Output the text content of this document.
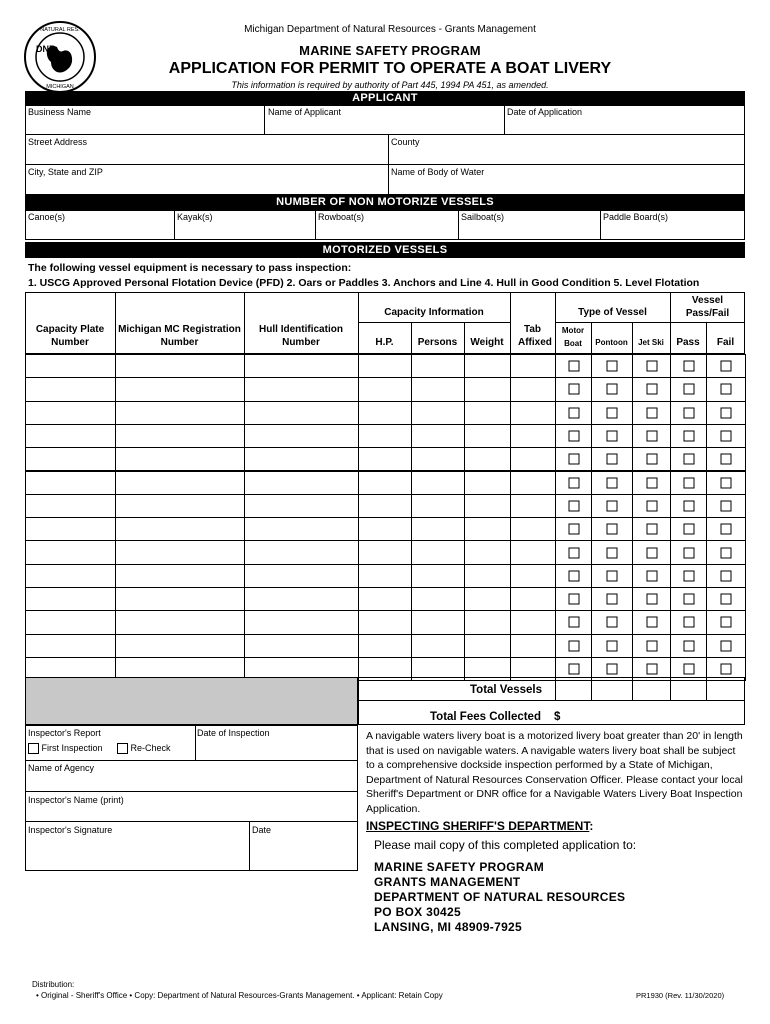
DNR
NATURAL RES.
MICHIGAN
Michigan Department of Natural Resources - Grants Management
MARINE SAFETY PROGRAM
APPLICATION FOR PERMIT TO OPERATE A BOAT LIVERY
This information is required by authority of Part 445, 1994 PA 451, as amended.
APPLICANT
Business Name	Name of Applicant	Date of Application
Street Address	County
City, State and ZIP	Name of Body of Water
NUMBER OF NON MOTORIZE VESSELS
Canoe(s)	Kayak(s)	Rowboat(s)	Sailboat(s)	Paddle Board(s)
MOTORIZED VESSELS
The following vessel equipment is necessary to pass inspection:
1. USCG Approved Personal Flotation Device (PFD) 2. Oars or Paddles 3. Anchors and Line 4. Hull in Good Condition 5. Level Flotation
Capacity Plate Number
Michigan MC Registration Number
Hull Identification Number
Capacity Information
H.P.	Persons	Weight
Tab Affixed
Type of Vessel
Motor Boat	Pontoon	Jet Ski
Vessel Pass/Fail
Pass	Fail
Total Vessels
Total Fees Collected $
Inspector's Report
First Inspection	Re-Check
Date of Inspection
Name of Agency
Inspector's Name (print)
Inspector's Signature	Date
A navigable waters livery boat is a motorized livery boat greater than 20' in length that is used on navigable waters. A navigable waters livery boat shall be subject to a comprehensive dockside inspection performed by a State of Michigan, Department of Natural Resources Conservation Officer. Please contact your local Sheriff's Department or DNR office for a Navigable Waters Livery Boat Inspection Application.
INSPECTING SHERIFF'S DEPARTMENT:
Please mail copy of this completed application to:
MARINE SAFETY PROGRAM
GRANTS MANAGEMENT
DEPARTMENT OF NATURAL RESOURCES
PO BOX 30425
LANSING, MI 48909-7925
Distribution:
• Original - Sheriff's Office • Copy: Department of Natural Resources-Grants Management. • Applicant: Retain Copy	PR1930 (Rev. 11/30/2020)
